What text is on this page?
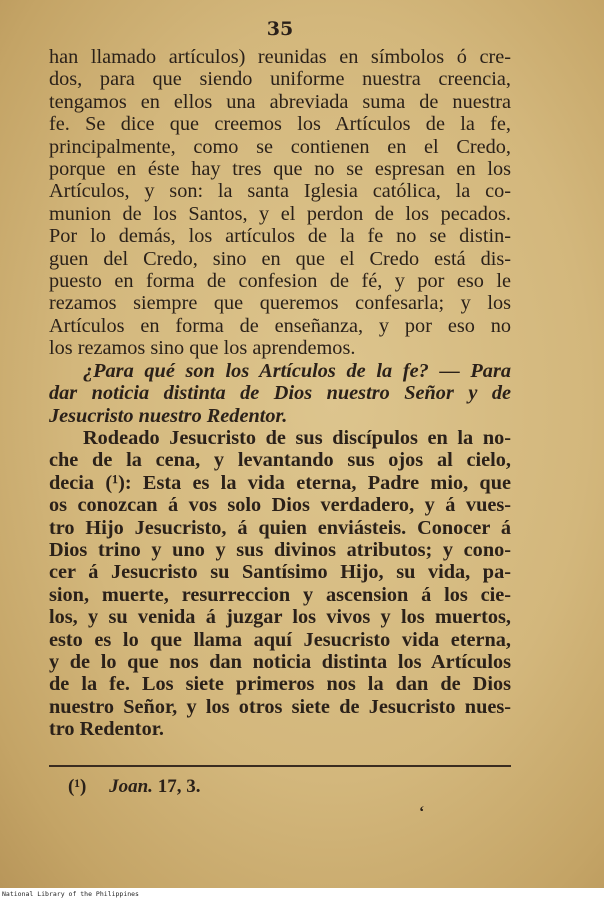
35
han llamado artículos) reunidas en símbolos ó cre-
dos, para que siendo uniforme nuestra creencia,
tengamos en ellos una abreviada suma de nuestra
fe. Se dice que creemos los Artículos de la fe,
principalmente, como se contienen en el Credo,
porque en éste hay tres que no se espresan en los
Artículos, y son: la santa Iglesia católica, la co-
munion de los Santos, y el perdon de los pecados.
Por lo demás, los artículos de la fe no se distin-
guen del Credo, sino en que el Credo está dis-
puesto en forma de confesion de fé, y por eso le
rezamos siempre que queremos confesarla; y los
Artículos en forma de enseñanza, y por eso no
los rezamos sino que los aprendemos.
¿Para qué son los Artículos de la fe? — Para
dar noticia distinta de Dios nuestro Señor y de
Jesucristo nuestro Redentor.
Rodeado Jesucristo de sus discípulos en la no-
che de la cena, y levantando sus ojos al cielo,
decia (¹): Esta es la vida eterna, Padre mio, que
os conozcan á vos solo Dios verdadero, y á vues-
tro Hijo Jesucristo, á quien enviásteis. Conocer á
Dios trino y uno y sus divinos atributos; y cono-
cer á Jesucristo su Santísimo Hijo, su vida, pa-
sion, muerte, resurreccion y ascension á los cie-
los, y su venida á juzgar los vivos y los muertos,
esto es lo que llama aquí Jesucristo vida eterna,
y de lo que nos dan noticia distinta los Artículos
de la fe. Los siete primeros nos la dan de Dios
nuestro Señor, y los otros siete de Jesucristo nues-
tro Redentor.
(¹) Joan. 17, 3.
‘
National Library of the Philippines
